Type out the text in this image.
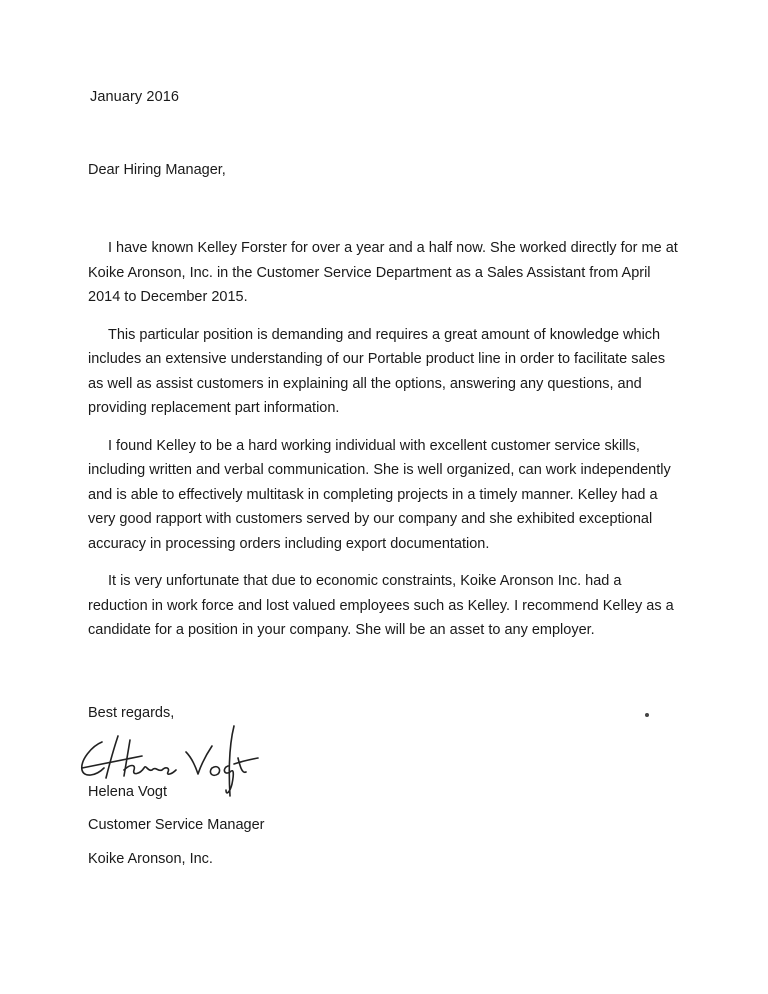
January 2016
Dear Hiring Manager,

I have known Kelley Forster for over a year and a half now. She worked directly for me at Koike Aronson, Inc. in the Customer Service Department as a Sales Assistant from April 2014 to December 2015.

This particular position is demanding and requires a great amount of knowledge which includes an extensive understanding of our Portable product line in order to facilitate sales as well as assist customers in explaining all the options, answering any questions, and providing replacement part information.

I found Kelley to be a hard working individual with excellent customer service skills, including written and verbal communication. She is well organized, can work independently and is able to effectively multitask in completing projects in a timely manner. Kelley had a very good rapport with customers served by our company and she exhibited exceptional accuracy in processing orders including export documentation.

It is very unfortunate that due to economic constraints, Koike Aronson Inc. had a reduction in work force and lost valued employees such as Kelley. I recommend Kelley as a candidate for a position in your company. She will be an asset to any employer.

Best regards,
Helena Vogt
Customer Service Manager
Koike Aronson, Inc.
